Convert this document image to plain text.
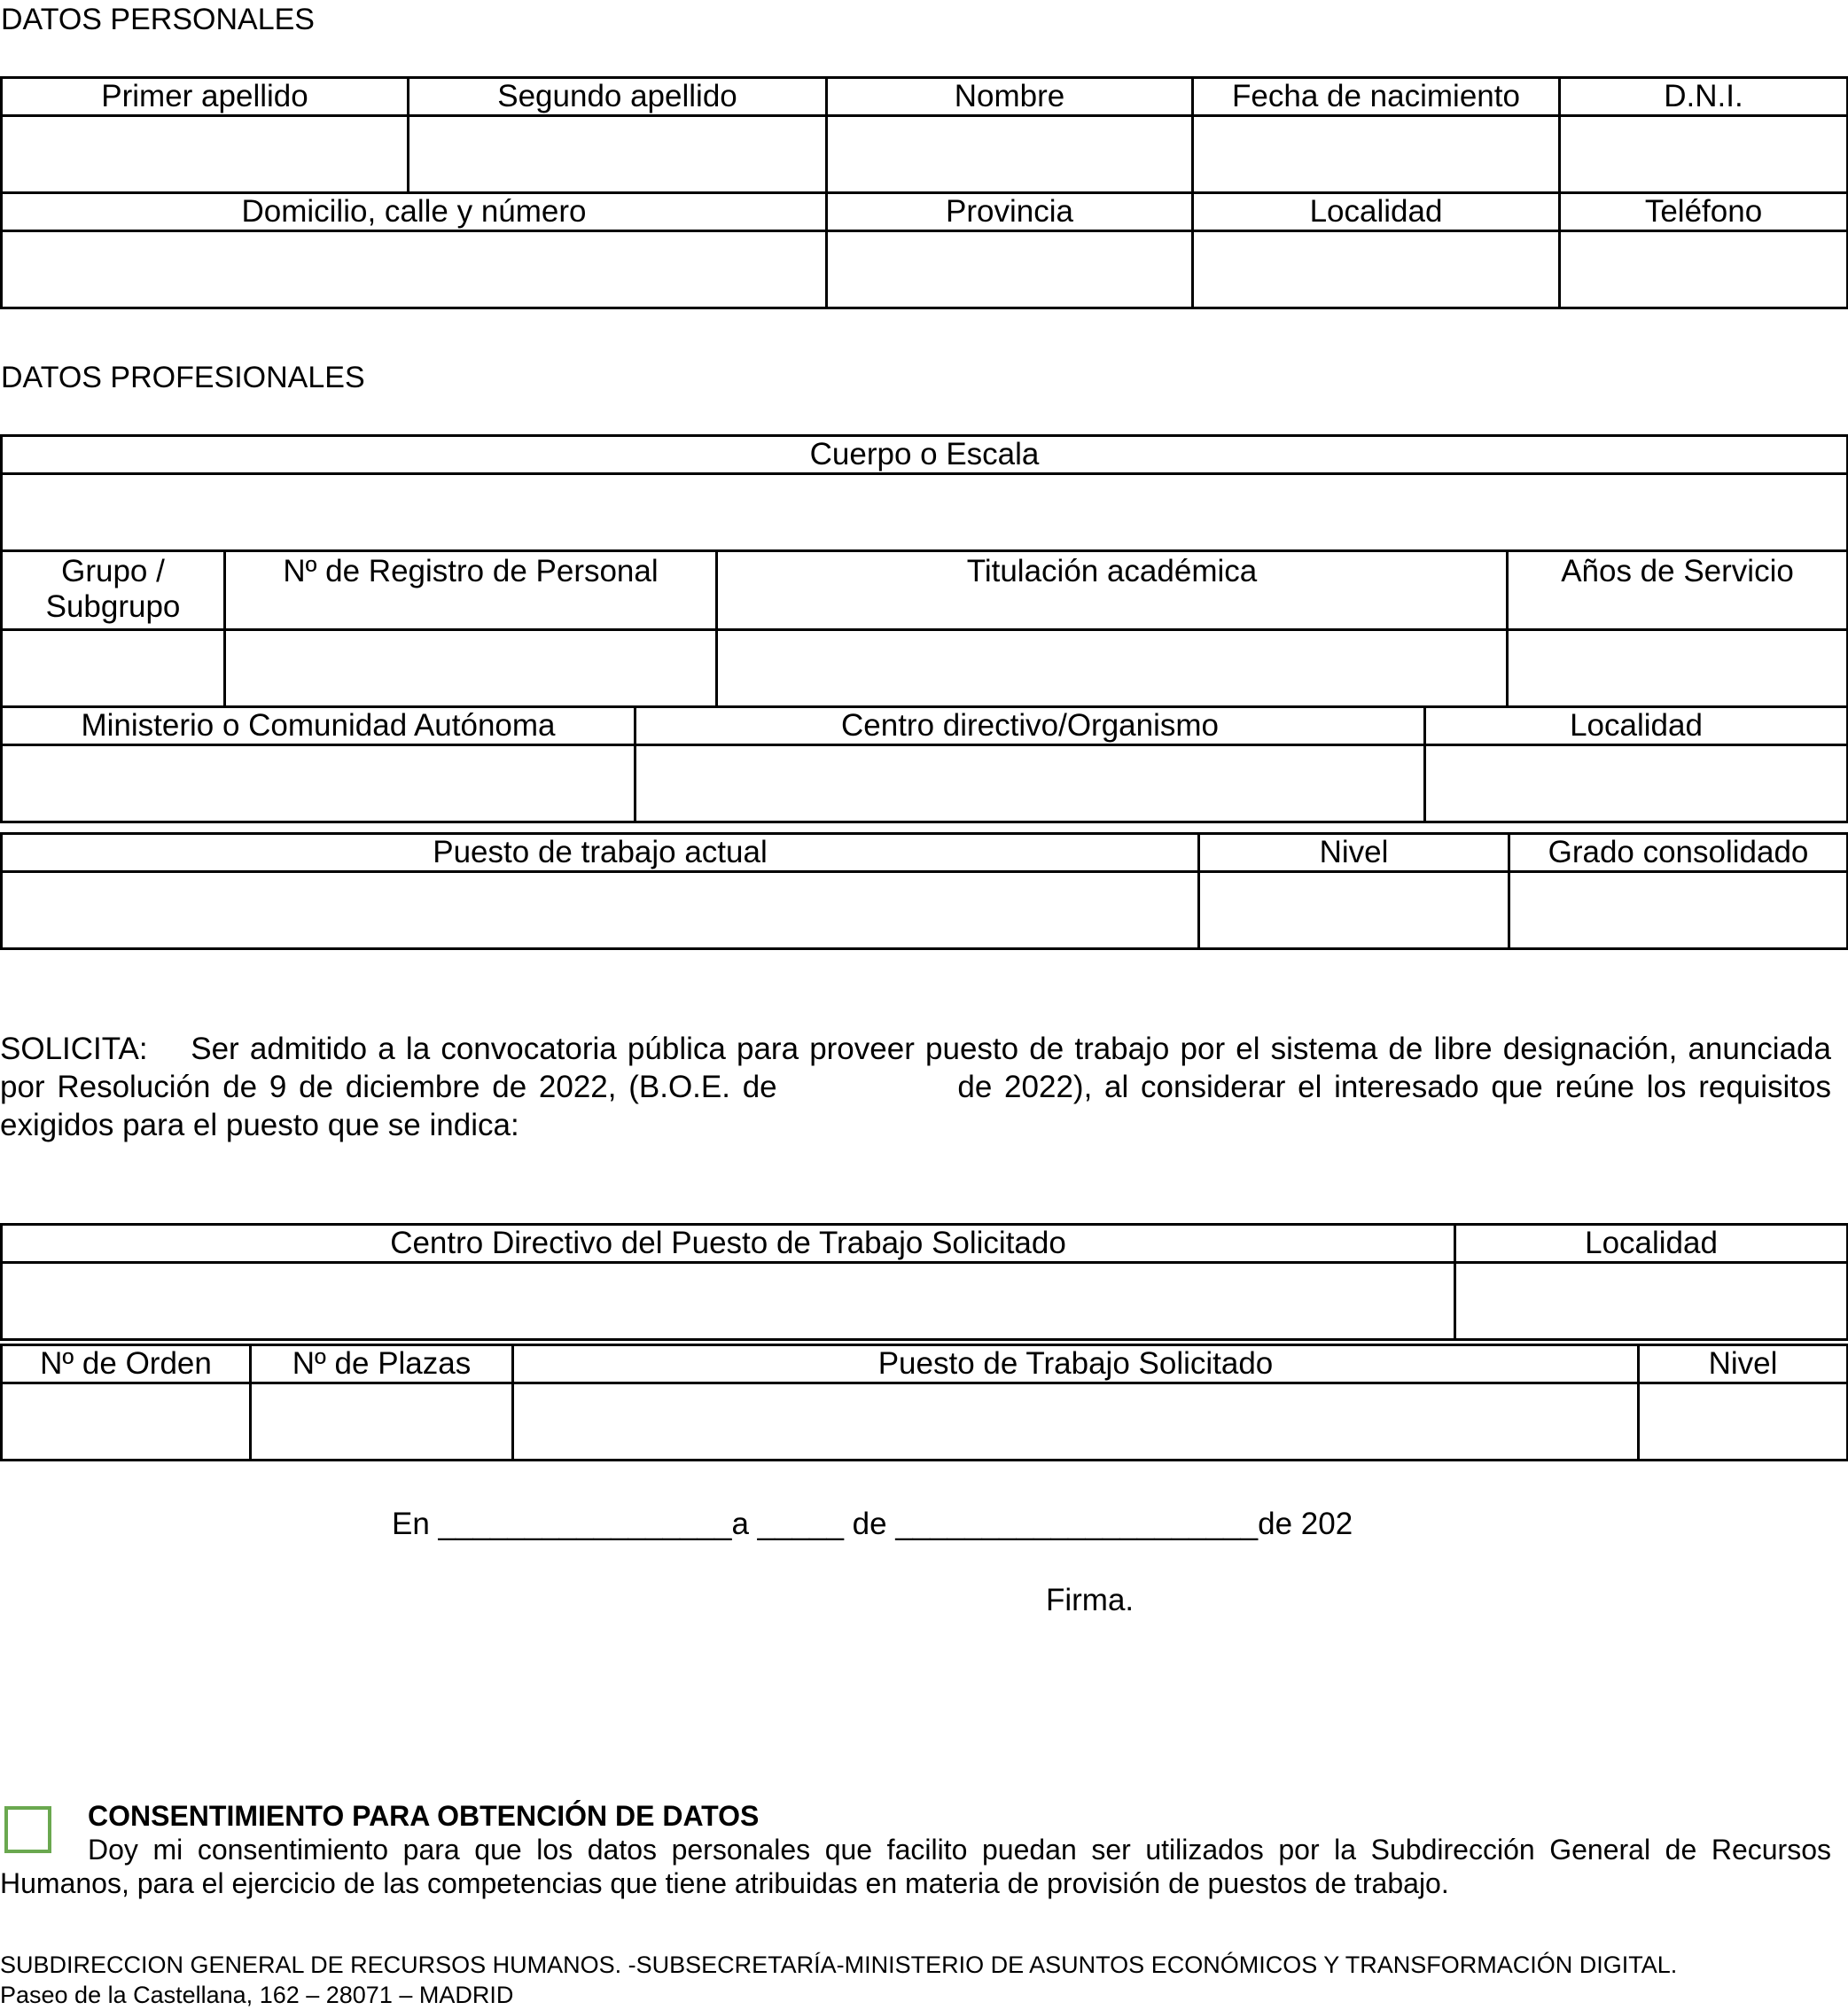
DATOS PERSONALES
Primer apellido	Segundo apellido	Nombre	Fecha de nacimiento	D.N.I.

Domicilio, calle y número		Provincia	Localidad	Teléfono

DATOS PROFESIONALES
Cuerpo o Escala					

Grupo / Subgrupo	Nº de Registro de Personal		Titulación académica		Años de Servicio

Ministerio o Comunidad Autónoma		Centro directivo/Organismo		Localidad	

Puesto de trabajo actual	Nivel	Grado consolidado

SOLICITA: Ser admitido a la convocatoria pública para proveer puesto de trabajo por el sistema de libre designación, anunciada por Resolución de 9 de diciembre de 2022, (B.O.E. de	de 2022), al considerar el interesado que reúne los requisitos exigidos para el puesto que se indica:
Centro Directivo del Puesto de Trabajo Solicitado	Localidad

Nº de Orden	Nº de Plazas	Puesto de Trabajo Solicitado	Nivel

En _________________a _____ de _____________________de 202
Firma.
CONSENTIMIENTO PARA OBTENCIÓN DE DATOS
Doy mi consentimiento para que los datos personales que facilito puedan ser utilizados por la Subdirección General de Recursos Humanos, para el ejercicio de las competencias que tiene atribuidas en materia de provisión de puestos de trabajo.
SUBDIRECCION GENERAL DE RECURSOS HUMANOS. -SUBSECRETARÍA-MINISTERIO DE ASUNTOS ECONÓMICOS Y TRANSFORMACIÓN DIGITAL.
Paseo de la Castellana, 162 – 28071 – MADRID
